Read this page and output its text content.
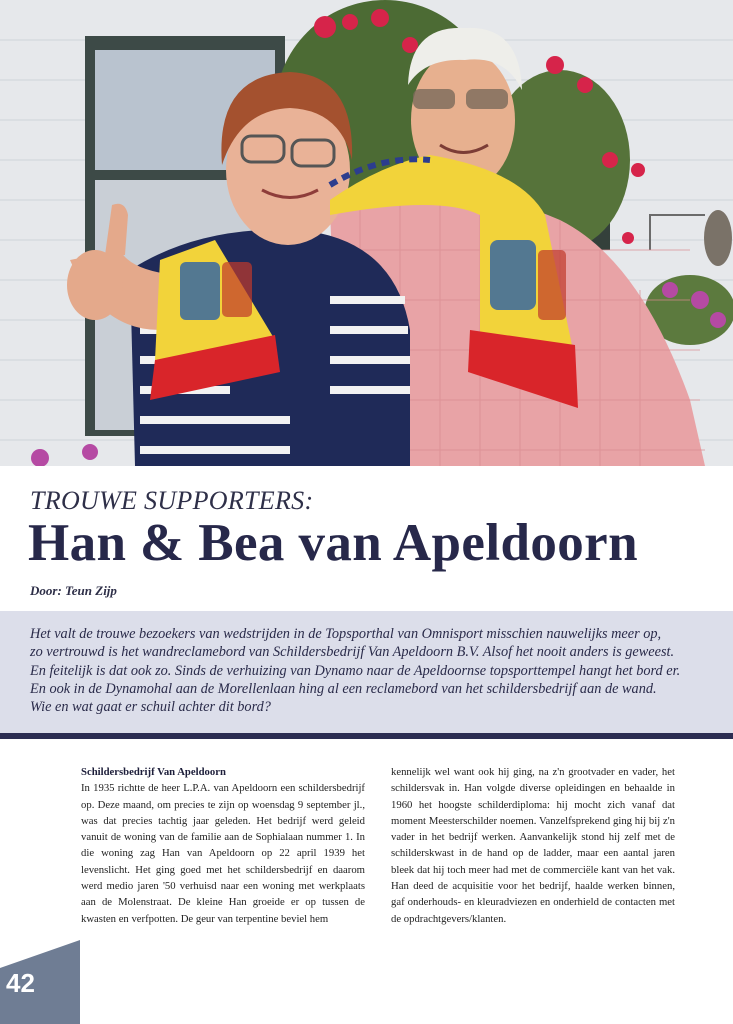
TROUWE SUPPORTERS:
Han & Bea van Apeldoorn
Door: Teun Zijp

Het valt de trouwe bezoekers van wedstrijden in de Topsporthal van Omnisport misschien nauwelijks meer op,

zo vertrouwd is het wandreclamebord van Schildersbedrijf Van Apeldoorn B.V. Alsof het nooit anders is geweest.

En feitelijk is dat ook zo. Sinds de verhuizing van Dynamo naar de Apeldoornse topsporttempel hangt het bord er.

En ook in de Dynamohal aan de Morellenlaan hing al een reclamebord van het schildersbedrijf aan de wand.

Wie en wat gaat er schuil achter dit bord?

Schildersbedrijf Van Apeldoorn

In 1935 richtte de heer L.P.A. van Apeldoorn een schildersbedrijf op. Deze maand, om precies te zijn op woensdag 9 september jl., was dat precies tachtig jaar geleden. Het bedrijf werd geleid vanuit de woning van de familie aan de Sophialaan nummer 1. In die woning zag Han van Apeldoorn op 22 april 1939 het levenslicht. Het ging goed met het schildersbedrijf en daarom werd medio jaren '50 verhuisd naar een woning met werkplaats aan de Molenstraat. De kleine Han groeide er op tussen de kwasten en verfpotten. De geur van terpentine beviel hem

kennelijk wel want ook hij ging, na z'n grootvader en vader, het schildersvak in. Han volgde diverse opleidingen en behaalde in 1960 het hoogste schilderdiploma: hij mocht zich vanaf dat moment Meesterschilder noemen. Vanzelfsprekend ging hij bij z'n vader in het bedrijf werken. Aanvankelijk stond hij zelf met de schilderskwast in de hand op de ladder, maar een aantal jaren bleek dat hij toch meer had met de commerciële kant van het vak. Han deed de acquisitie voor het bedrijf, haalde werken binnen, gaf onderhouds- en kleuradviezen en onderhield de contacten met de opdrachtgevers/klanten.

42
